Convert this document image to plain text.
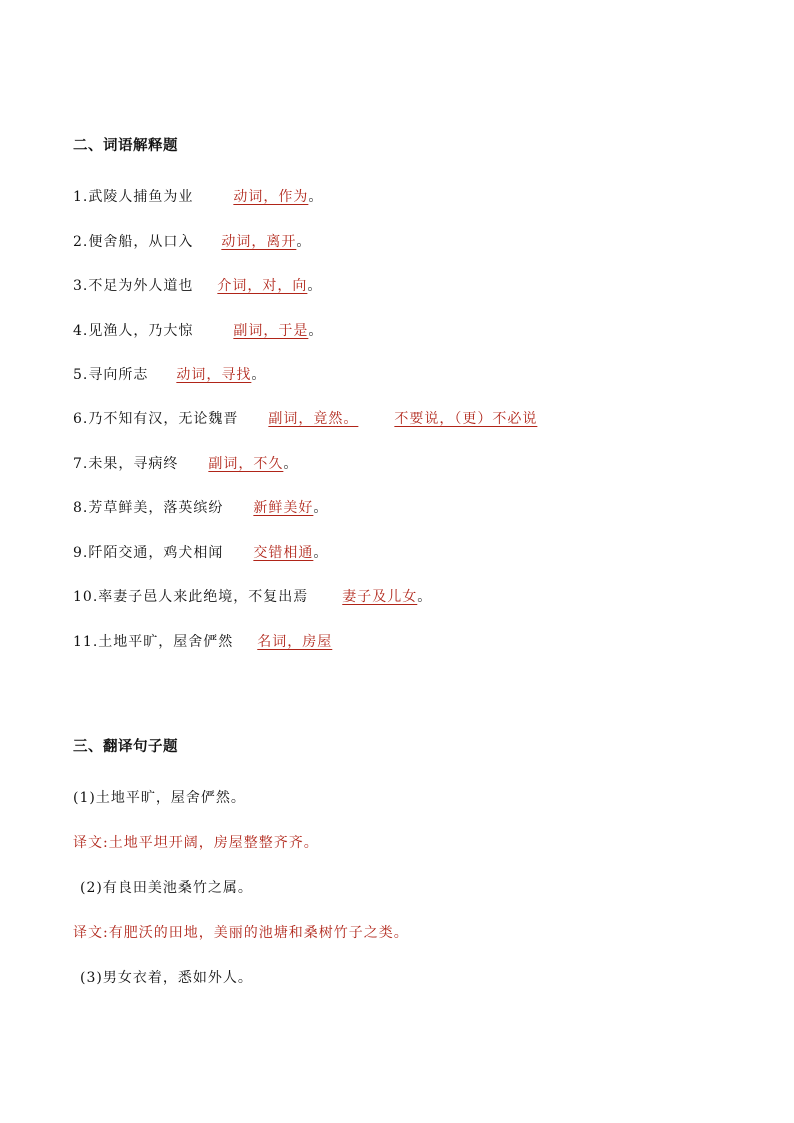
二、词语解释题
1.武陵人捕鱼为业	动词，作为。
2.便舍船，从口入 动词，离开。
3.不足为外人道也 介词，对，向。
4.见渔人，乃大惊	副词，于是。
5.寻向所志 动词，寻找。
6.乃不知有汉，无论魏晋 副词，竟然。	不要说，（更）不必说
7.未果，寻病终 副词，不久。
8.芳草鲜美，落英缤纷 新鲜美好。
9.阡陌交通，鸡犬相闻 交错相通。
10.率妻子邑人来此绝境，不复出焉 妻子及儿女。
11.土地平旷，屋舍俨然 名词，房屋
三、翻译句子题
(1)土地平旷，屋舍俨然。
译文:土地平坦开阔，房屋整整齐齐。
(2)有良田美池桑竹之属。
译文:有肥沃的田地，美丽的池塘和桑树竹子之类。
(3)男女衣着，悉如外人。
